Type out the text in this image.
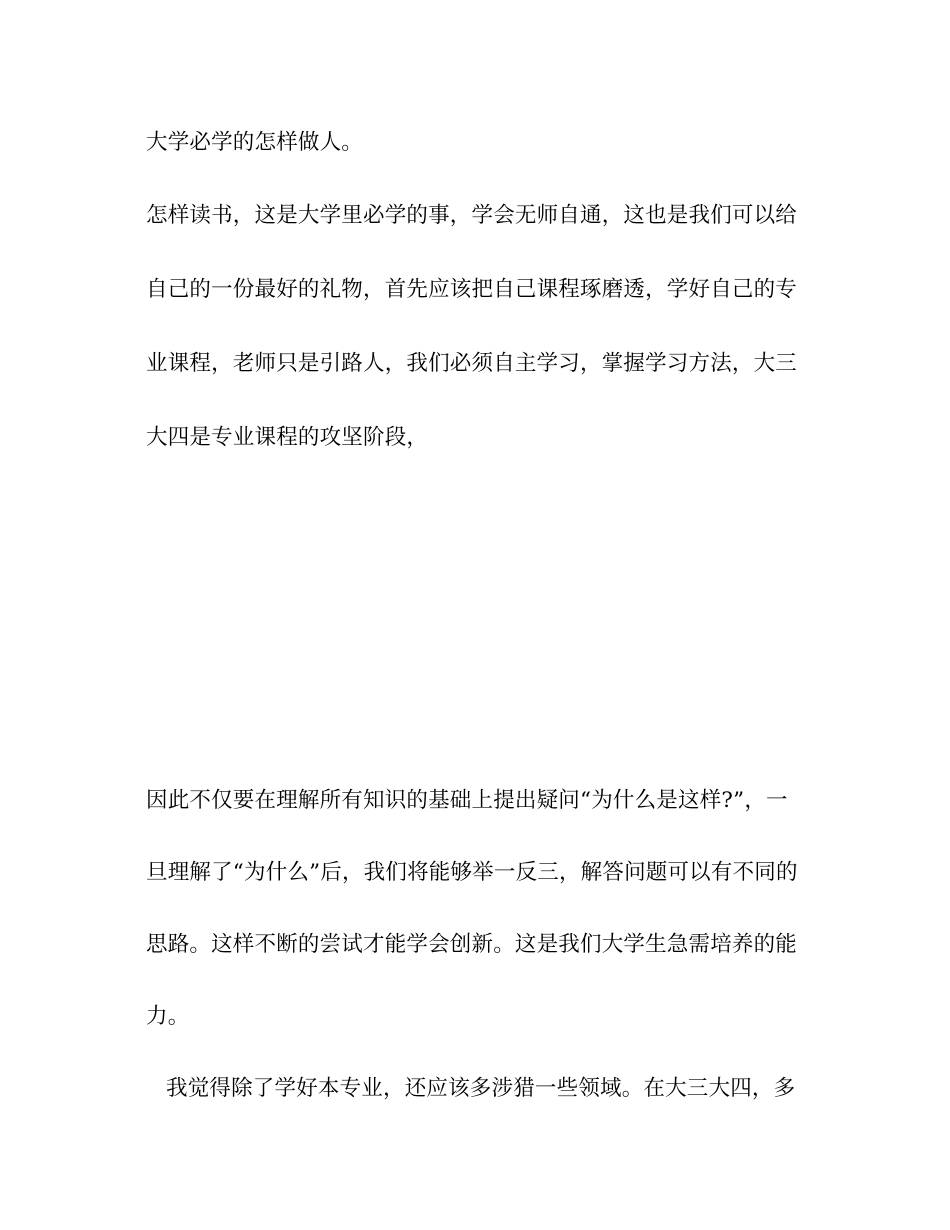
大学必学的怎样做人。
怎样读书，这是大学里必学的事，学会无师自通，这也是我们可以给
自己的一份最好的礼物，首先应该把自己课程琢磨透，学好自己的专
业课程，老师只是引路人，我们必须自主学习，掌握学习方法，大三
大四是专业课程的攻坚阶段，
因此不仅要在理解所有知识的基础上提出疑问“为什么是这样?”，一
旦理解了“为什么”后，我们将能够举一反三，解答问题可以有不同的
思路。这样不断的尝试才能学会创新。这是我们大学生急需培养的能
力。
我觉得除了学好本专业，还应该多涉猎一些领域。在大三大四，多
